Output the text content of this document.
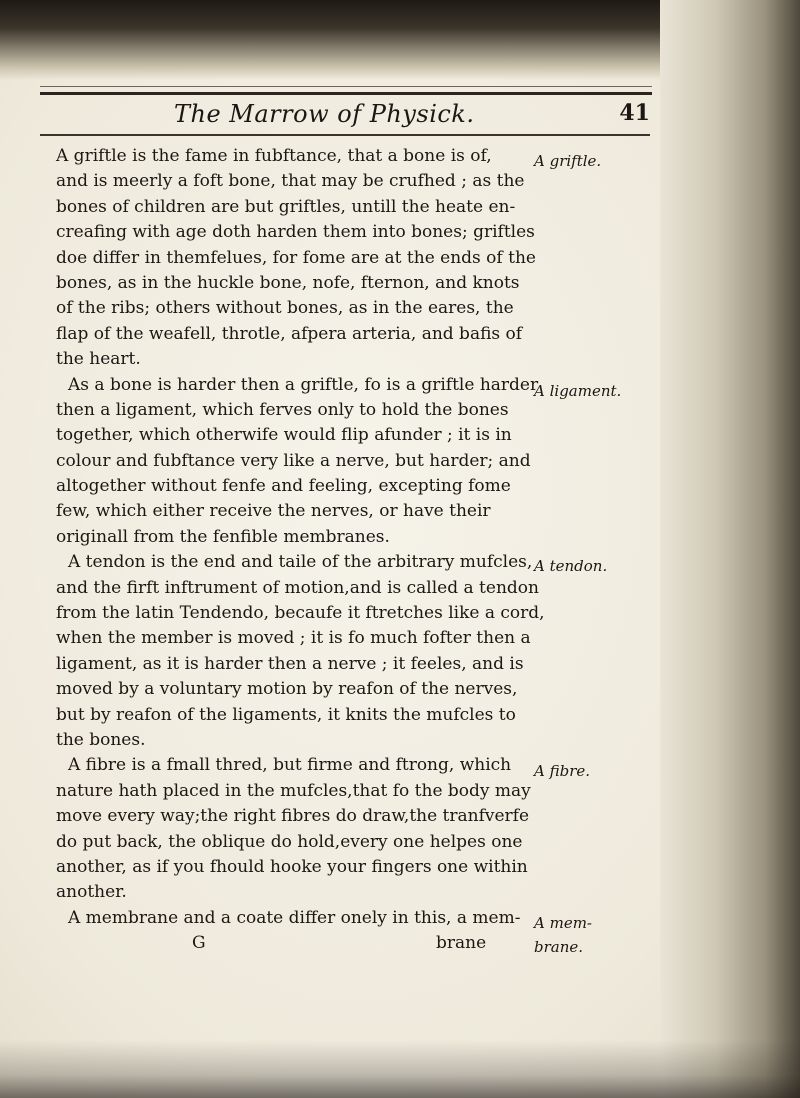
The Marrow of Physick.	41
A griftle is the fame in fubftance, that a bone is of,
and is meerly a foft bone, that may be crufhed ; as the
bones of children are but griftles, untill the heate en-
creafing with age doth harden them into bones; griftles
doe differ in themfelues, for fome are at the ends of the
bones, as in the huckle bone, nofe, fternon, and knots
of the ribs; others without bones, as in the eares, the
flap of the weafell, throtle, afpera arteria, and bafis of
the heart.
As a bone is harder then a griftle, fo is a griftle harder
then a ligament, which ferves only to hold the bones
together, which otherwife would flip afunder ; it is in
colour and fubftance very like a nerve, but harder; and
altogether without fenfe and feeling, excepting fome
few, which either receive the nerves, or have their
originall from the fenfible membranes.
A tendon is the end and taile of the arbitrary mufcles,
and the firft inftrument of motion,and is called a tendon
from the latin Tendendo, becaufe it ftretches like a cord,
when the member is moved ; it is fo much fofter then a
ligament, as it is harder then a nerve ; it feeles, and is
moved by a voluntary motion by reafon of the nerves,
but by reafon of the ligaments, it knits the mufcles to
the bones.
A fibre is a fmall thred, but firme and ftrong, which
nature hath placed in the mufcles,that fo the body may
move every way;the right fibres do draw,the tranfverfe
do put back, the oblique do hold,every one helpes one
another, as if you fhould hooke your fingers one within
another.
A membrane and a coate differ onely in this, a mem-
G	brane
A griftle.
A ligament.
A tendon.
A fibre.
A mem-
brane.
